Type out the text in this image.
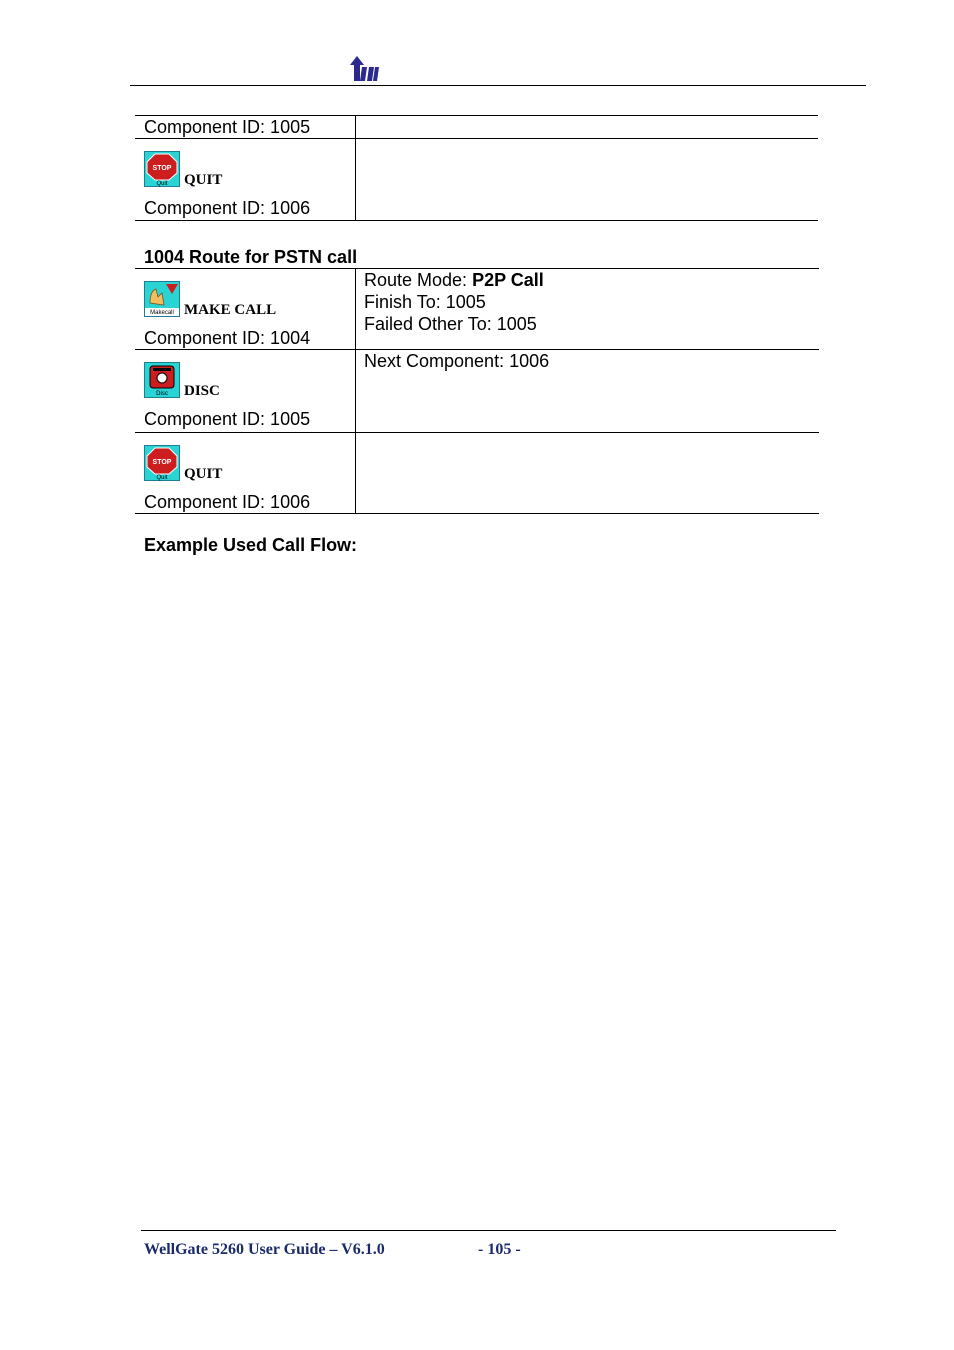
Component ID: 1005	

STOP
Quit QUIT
Component ID: 1006	

1004 Route for PSTN call
Makecall MAKE CALL
Component ID: 1004	Route Mode: P2P Call
Finish To: 1005
Failed Other To: 1005

Disc DISC
Component ID: 1005	Next Component: 1006

STOP
Quit QUIT
Component ID: 1006	

Example Used Call Flow:
WellGate 5260 User Guide – V6.1.0	- 105 -
